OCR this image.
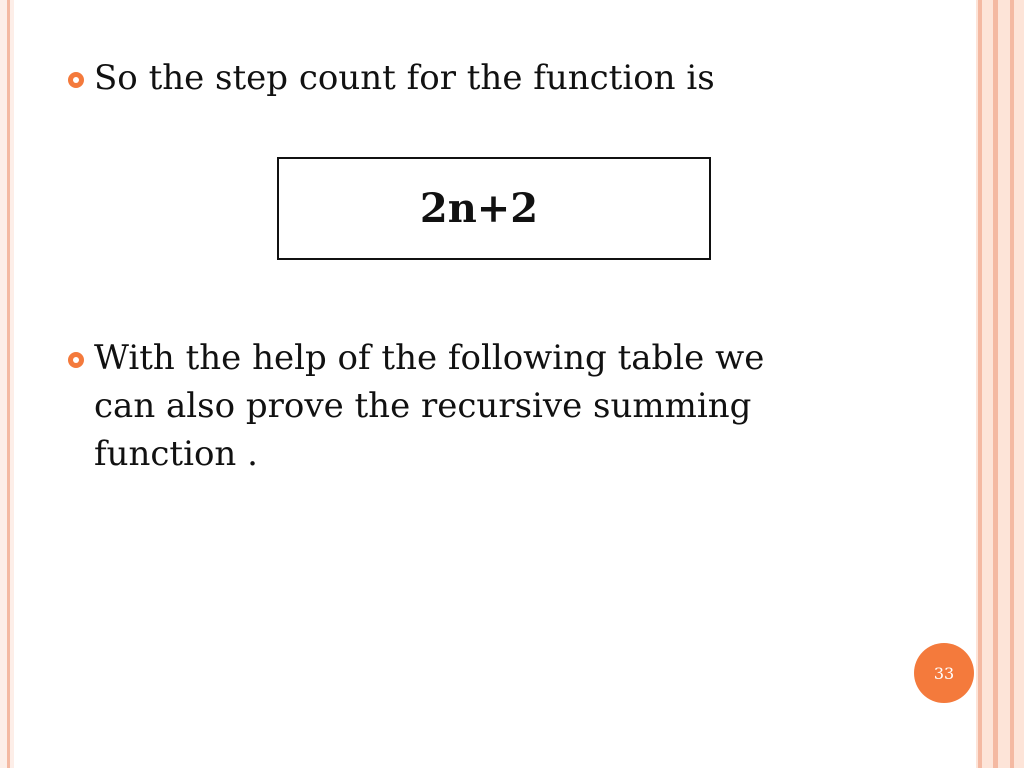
So the step count for the function is
2n+2
With the help of the following table we can also prove the recursive summing function .
33
